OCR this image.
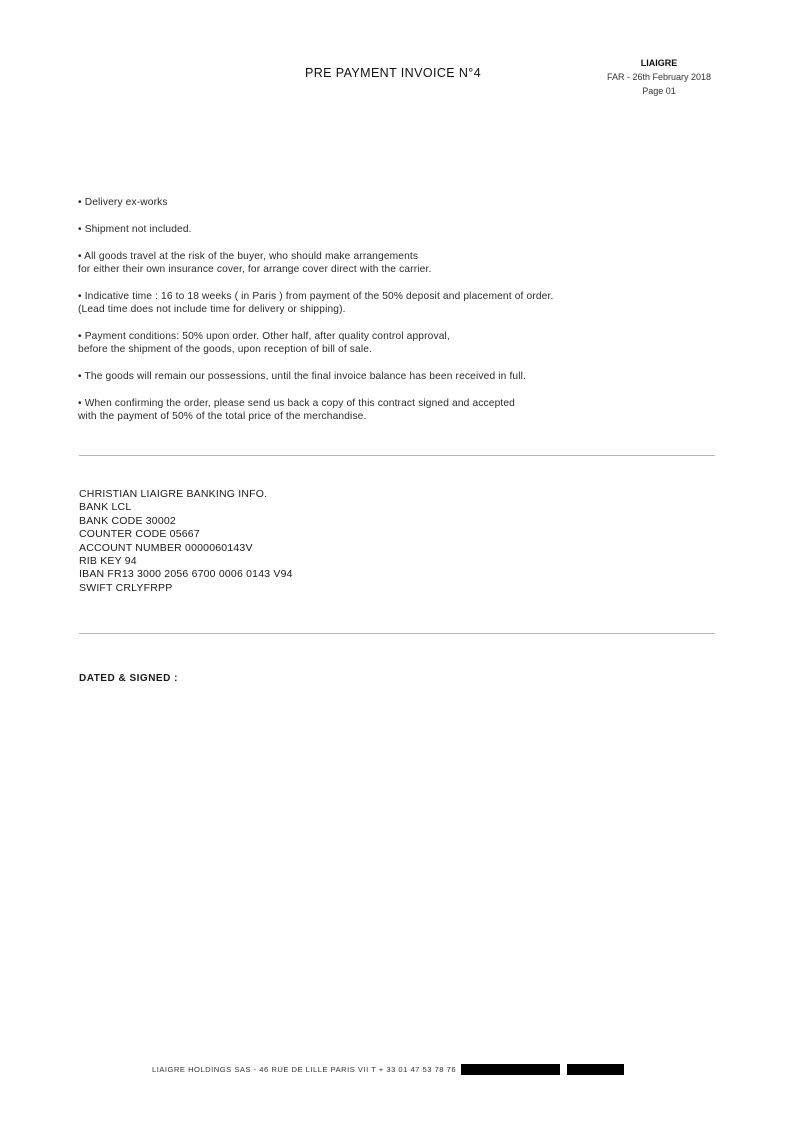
PRE PAYMENT INVOICE N°4
LIAIGRE
FAR - 26th February 2018
Page 01
• Delivery ex-works
• Shipment not included.
• All goods travel at the risk of the buyer, who should make arrangements
for either their own insurance cover, for arrange cover direct with the carrier.
• Indicative time : 16 to 18 weeks ( in Paris ) from payment of the 50% deposit and placement of order.
(Lead time does not include time for delivery or shipping).
• Payment conditions: 50% upon order. Other half, after quality control approval,
before the shipment of the goods, upon reception of bill of sale.
• The goods will remain our possessions, until the final invoice balance has been received in full.
• When confirming the order, please send us back a copy of this contract signed and accepted
with the payment of 50% of the total price of the merchandise.
CHRISTIAN LIAIGRE BANKING INFO.
BANK LCL
BANK CODE 30002
COUNTER CODE 05667
ACCOUNT NUMBER 0000060143V
RIB KEY 94
IBAN FR13 3000 2056 6700 0006 0143 V94
SWIFT CRLYFRPP
DATED & SIGNED :
LIAIGRE HOLDINGS SAS - 46 RUE DE LILLE PARIS VII T + 33 01 47 53 78 76
